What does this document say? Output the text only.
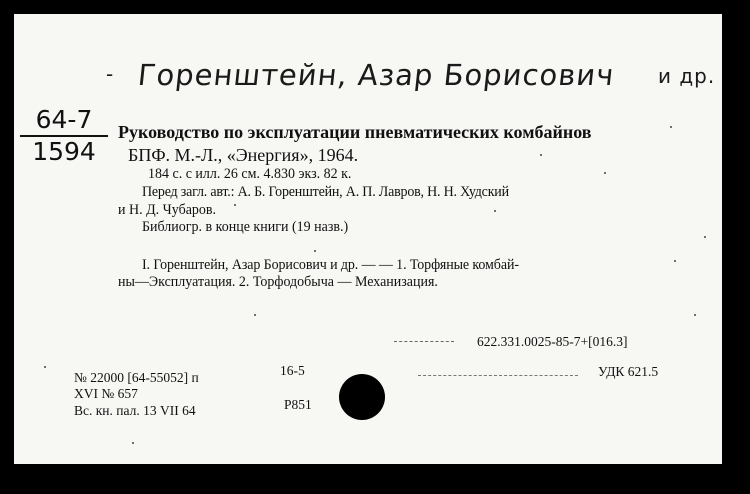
- Горенштейн, Азар Борисович и др.
64-7
1594
Руководство по эксплуатации пневматических комбайнов
БПФ. М.-Л., «Энергия», 1964.
184 с. с илл. 26 см. 4.830 экз. 82 к.
Перед загл. авт.: А. Б. Горенштейн, А. П. Лавров, Н. Н. Худский
и Н. Д. Чубаров.
Библиогр. в конце книги (19 назв.)
I. Горенштейн, Азар Борисович и др. — — 1. Торфяные комбай-
ны—Эксплуатация. 2. Торфодобыча — Механизация.
622.331.0025-85-7+[016.3]
№ 22000 [64-55052] п	16-5
XVI № 657
Вс. кн. пал. 13 VII 64	Р851
УДК 621.5
